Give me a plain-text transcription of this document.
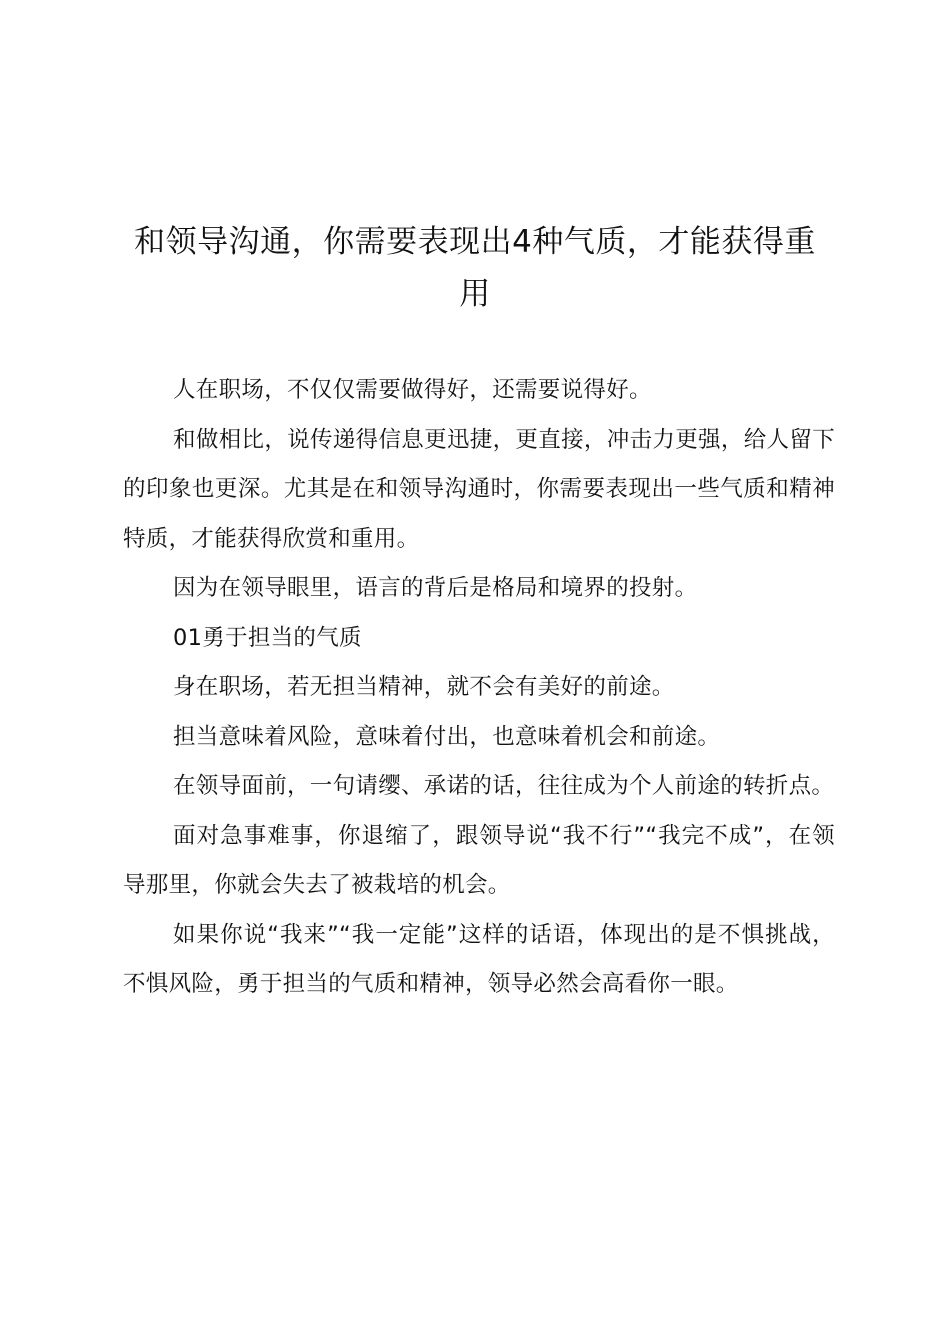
和领导沟通，你需要表现出4种气质，才能获得重用

人在职场，不仅仅需要做得好，还需要说得好。

和做相比，说传递得信息更迅捷，更直接，冲击力更强，给人留下的印象也更深。尤其是在和领导沟通时，你需要表现出一些气质和精神特质，才能获得欣赏和重用。

因为在领导眼里，语言的背后是格局和境界的投射。

01勇于担当的气质

身在职场，若无担当精神，就不会有美好的前途。

担当意味着风险，意味着付出，也意味着机会和前途。

在领导面前，一句请缨、承诺的话，往往成为个人前途的转折点。

面对急事难事，你退缩了，跟领导说“我不行”“我完不成”，在领导那里，你就会失去了被栽培的机会。

如果你说“我来”“我一定能”这样的话语，体现出的是不惧挑战，不惧风险，勇于担当的气质和精神，领导必然会高看你一眼。
